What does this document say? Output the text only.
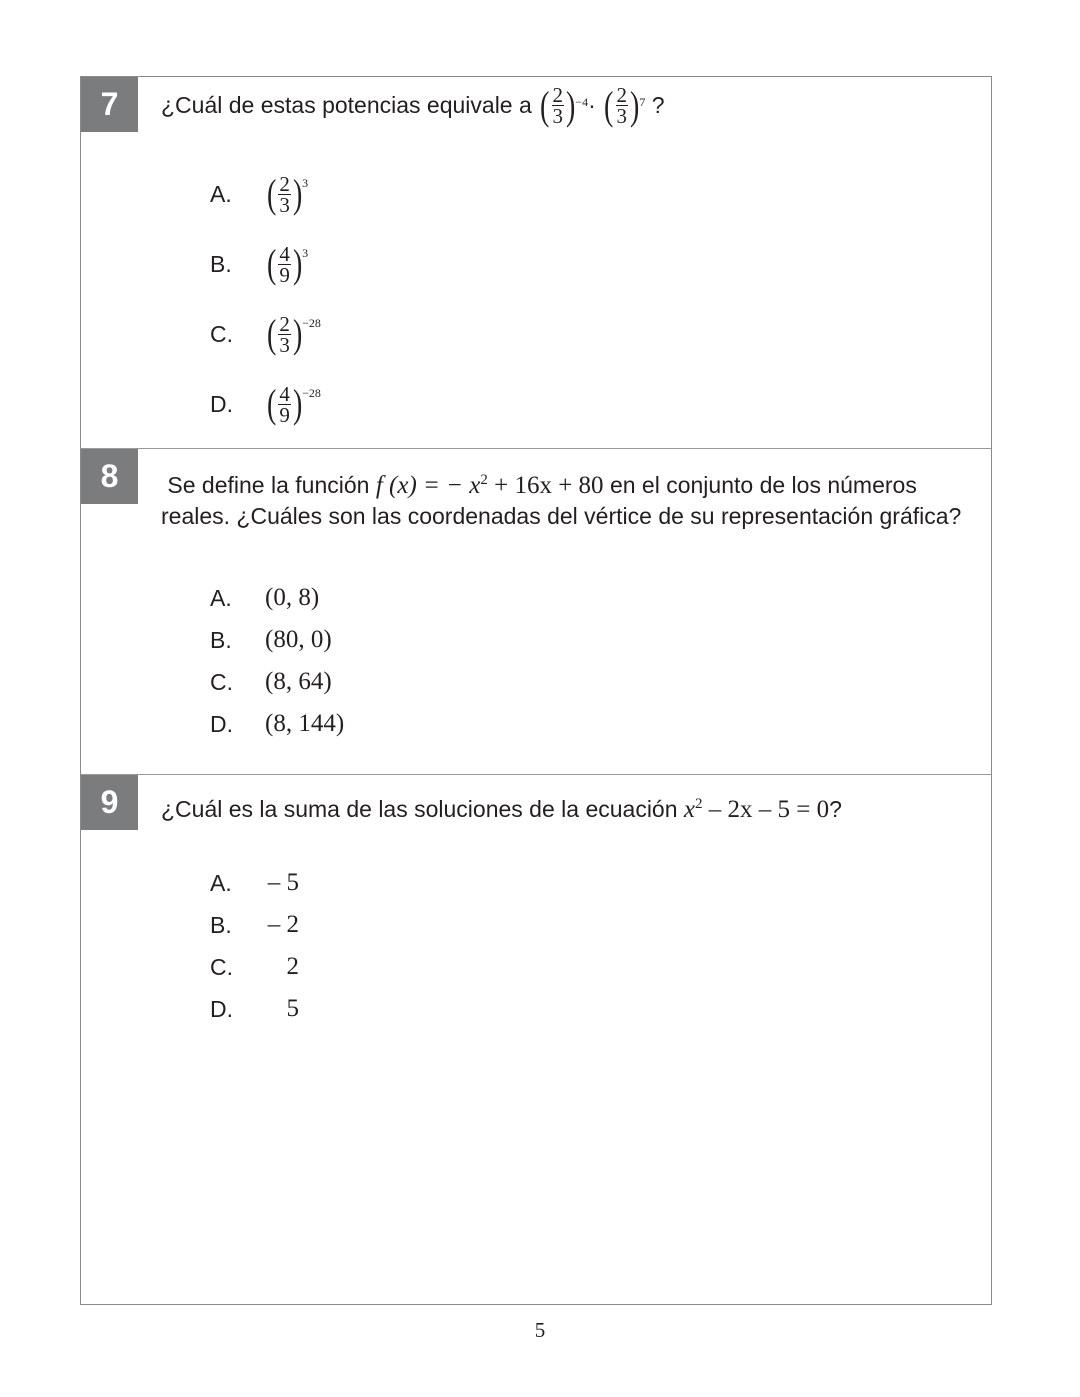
7	¿Cuál de estas potencias equivale a
( $\frac{2}{3}$ ) −4 ·
( $\frac{2}{3}$ ) 7
?
A. ( $\frac{2}{3}$ ) 3
B. ( $\frac{4}{9}$ ) 3
C. ( $\frac{2}{3}$ ) −28
D. ( $\frac{4}{9}$ ) −28
8	Se define la función f (x) = − $x^2 + 16x + 80$ en el conjunto de los números
reales. ¿Cuáles son las coordenadas del vértice de su representación gráfica?
A.	(0, 8)
B.	(80, 0)
C.	(8, 64)
D.	(8, 144)
9	¿Cuál es la suma de las soluciones de la ecuación $x^2 - 2x - 5 = 0$?
A.	– 5
B.	– 2
C.	2
D.	5
5
